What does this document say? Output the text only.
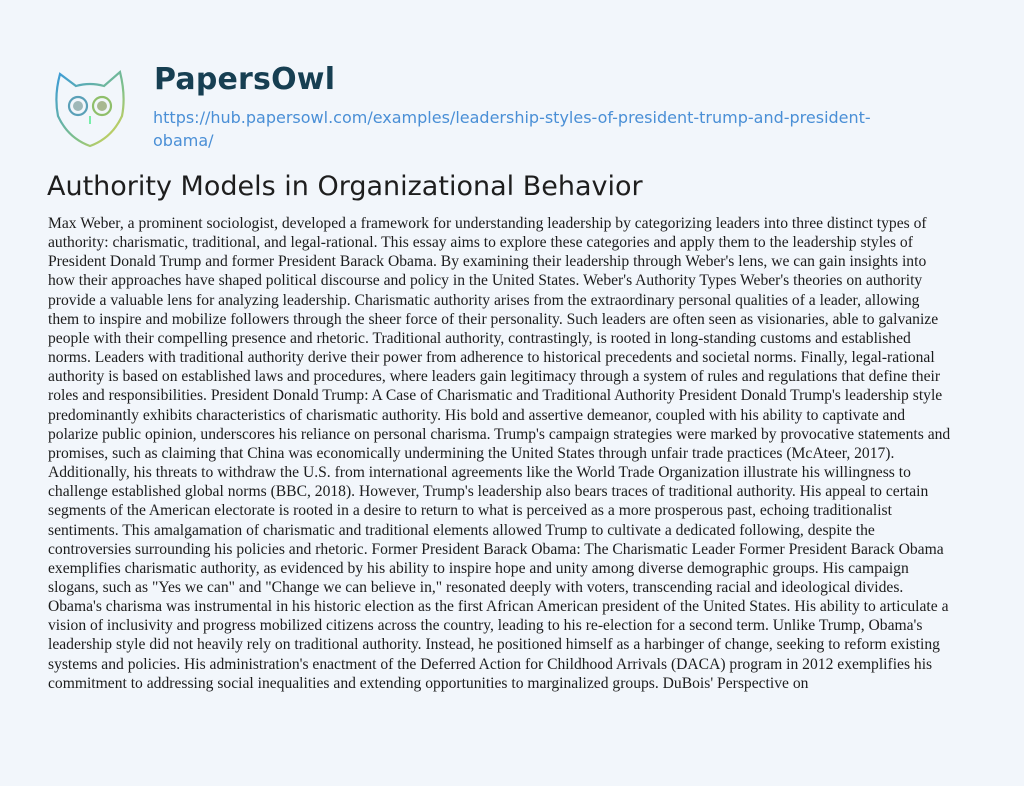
PapersOwl
https://hub.papersowl.com/examples/leadership-styles-of-president-trump-and-president-obama/
Authority Models in Organizational Behavior
Max Weber, a prominent sociologist, developed a framework for understanding leadership by categorizing leaders into three distinct types of
authority: charismatic, traditional, and legal-rational. This essay aims to explore these categories and apply them to the leadership styles of
President Donald Trump and former President Barack Obama. By examining their leadership through Weber's lens, we can gain insights into
how their approaches have shaped political discourse and policy in the United States. Weber's Authority Types Weber's theories on authority
provide a valuable lens for analyzing leadership. Charismatic authority arises from the extraordinary personal qualities of a leader, allowing
them to inspire and mobilize followers through the sheer force of their personality. Such leaders are often seen as visionaries, able to galvanize
people with their compelling presence and rhetoric. Traditional authority, contrastingly, is rooted in long-standing customs and established
norms. Leaders with traditional authority derive their power from adherence to historical precedents and societal norms. Finally, legal-rational
authority is based on established laws and procedures, where leaders gain legitimacy through a system of rules and regulations that define their
roles and responsibilities. President Donald Trump: A Case of Charismatic and Traditional Authority President Donald Trump's leadership style
predominantly exhibits characteristics of charismatic authority. His bold and assertive demeanor, coupled with his ability to captivate and
polarize public opinion, underscores his reliance on personal charisma. Trump's campaign strategies were marked by provocative statements and
promises, such as claiming that China was economically undermining the United States through unfair trade practices (McAteer, 2017).
Additionally, his threats to withdraw the U.S. from international agreements like the World Trade Organization illustrate his willingness to
challenge established global norms (BBC, 2018). However, Trump's leadership also bears traces of traditional authority. His appeal to certain
segments of the American electorate is rooted in a desire to return to what is perceived as a more prosperous past, echoing traditionalist
sentiments. This amalgamation of charismatic and traditional elements allowed Trump to cultivate a dedicated following, despite the
controversies surrounding his policies and rhetoric. Former President Barack Obama: The Charismatic Leader Former President Barack Obama
exemplifies charismatic authority, as evidenced by his ability to inspire hope and unity among diverse demographic groups. His campaign
slogans, such as "Yes we can" and "Change we can believe in," resonated deeply with voters, transcending racial and ideological divides.
Obama's charisma was instrumental in his historic election as the first African American president of the United States. His ability to articulate a
vision of inclusivity and progress mobilized citizens across the country, leading to his re-election for a second term. Unlike Trump, Obama's
leadership style did not heavily rely on traditional authority. Instead, he positioned himself as a harbinger of change, seeking to reform existing
systems and policies. His administration's enactment of the Deferred Action for Childhood Arrivals (DACA) program in 2012 exemplifies his
commitment to addressing social inequalities and extending opportunities to marginalized groups. DuBois' Perspective on
